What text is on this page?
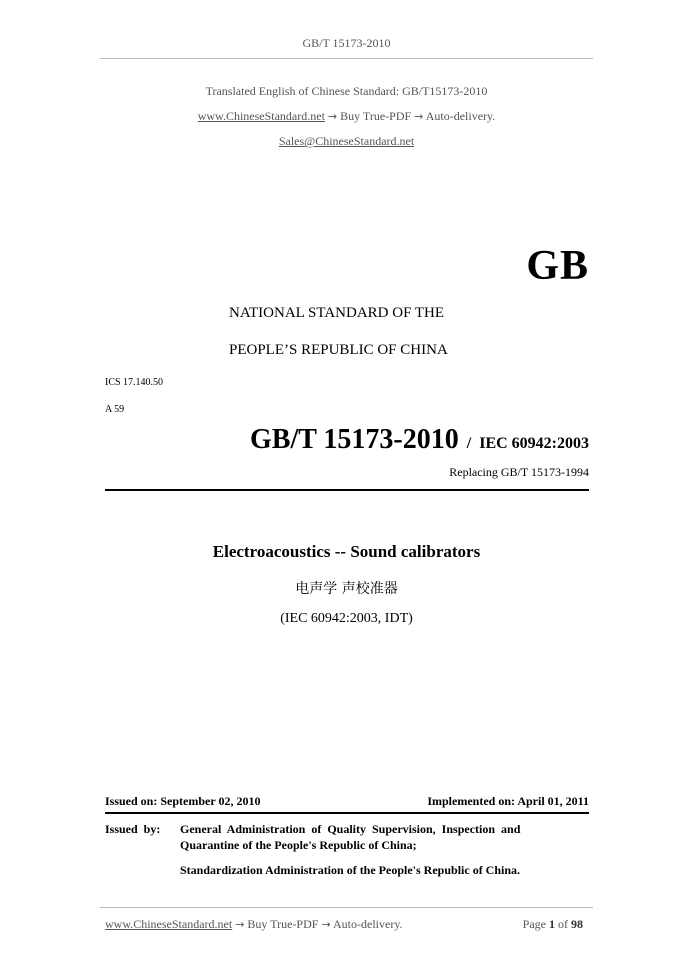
GB/T 15173-2010
Translated English of Chinese Standard: GB/T15173-2010
www.ChineseStandard.net → Buy True-PDF → Auto-delivery.
Sales@ChineseStandard.net
GB
NATIONAL STANDARD OF THE
PEOPLE’S REPUBLIC OF CHINA
ICS 17.140.50
A 59
GB/T 15173-2010 / IEC 60942:2003
Replacing GB/T 15173-1994
Electroacoustics -- Sound calibrators
电声学 声校准器
(IEC 60942:2003, IDT)
Issued on: September 02, 2010	Implemented on: April 01, 2011
Issued  by: General  Administration  of  Quality  Supervision,  Inspection  and
Quarantine of the People's Republic of China;
Standardization Administration of the People's Republic of China.
www.ChineseStandard.net → Buy True-PDF → Auto-delivery.	Page 1 of 98
